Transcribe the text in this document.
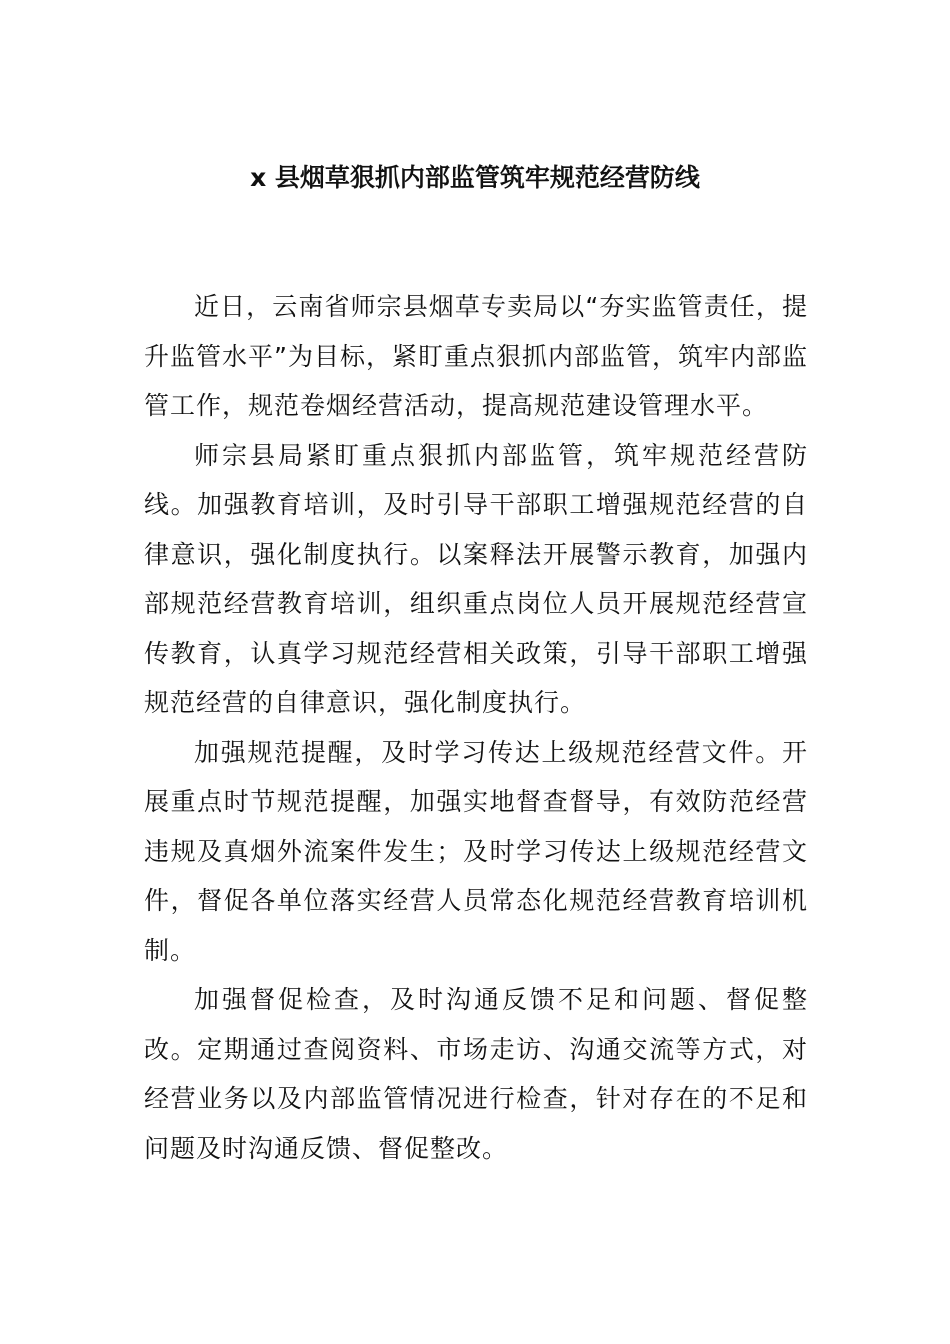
x 县烟草狠抓内部监管筑牢规范经营防线

近日，云南省师宗县烟草专卖局以“夯实监管责任，提升监管水平”为目标，紧盯重点狠抓内部监管，筑牢内部监管工作，规范卷烟经营活动，提高规范建设管理水平。

师宗县局紧盯重点狠抓内部监管，筑牢规范经营防线。加强教育培训，及时引导干部职工增强规范经营的自律意识，强化制度执行。以案释法开展警示教育，加强内部规范经营教育培训，组织重点岗位人员开展规范经营宣传教育，认真学习规范经营相关政策，引导干部职工增强规范经营的自律意识，强化制度执行。

加强规范提醒，及时学习传达上级规范经营文件。开展重点时节规范提醒，加强实地督查督导，有效防范经营违规及真烟外流案件发生；及时学习传达上级规范经营文件，督促各单位落实经营人员常态化规范经营教育培训机制。

加强督促检查，及时沟通反馈不足和问题、督促整改。定期通过查阅资料、市场走访、沟通交流等方式，对经营业务以及内部监管情况进行检查，针对存在的不足和问题及时沟通反馈、督促整改。
